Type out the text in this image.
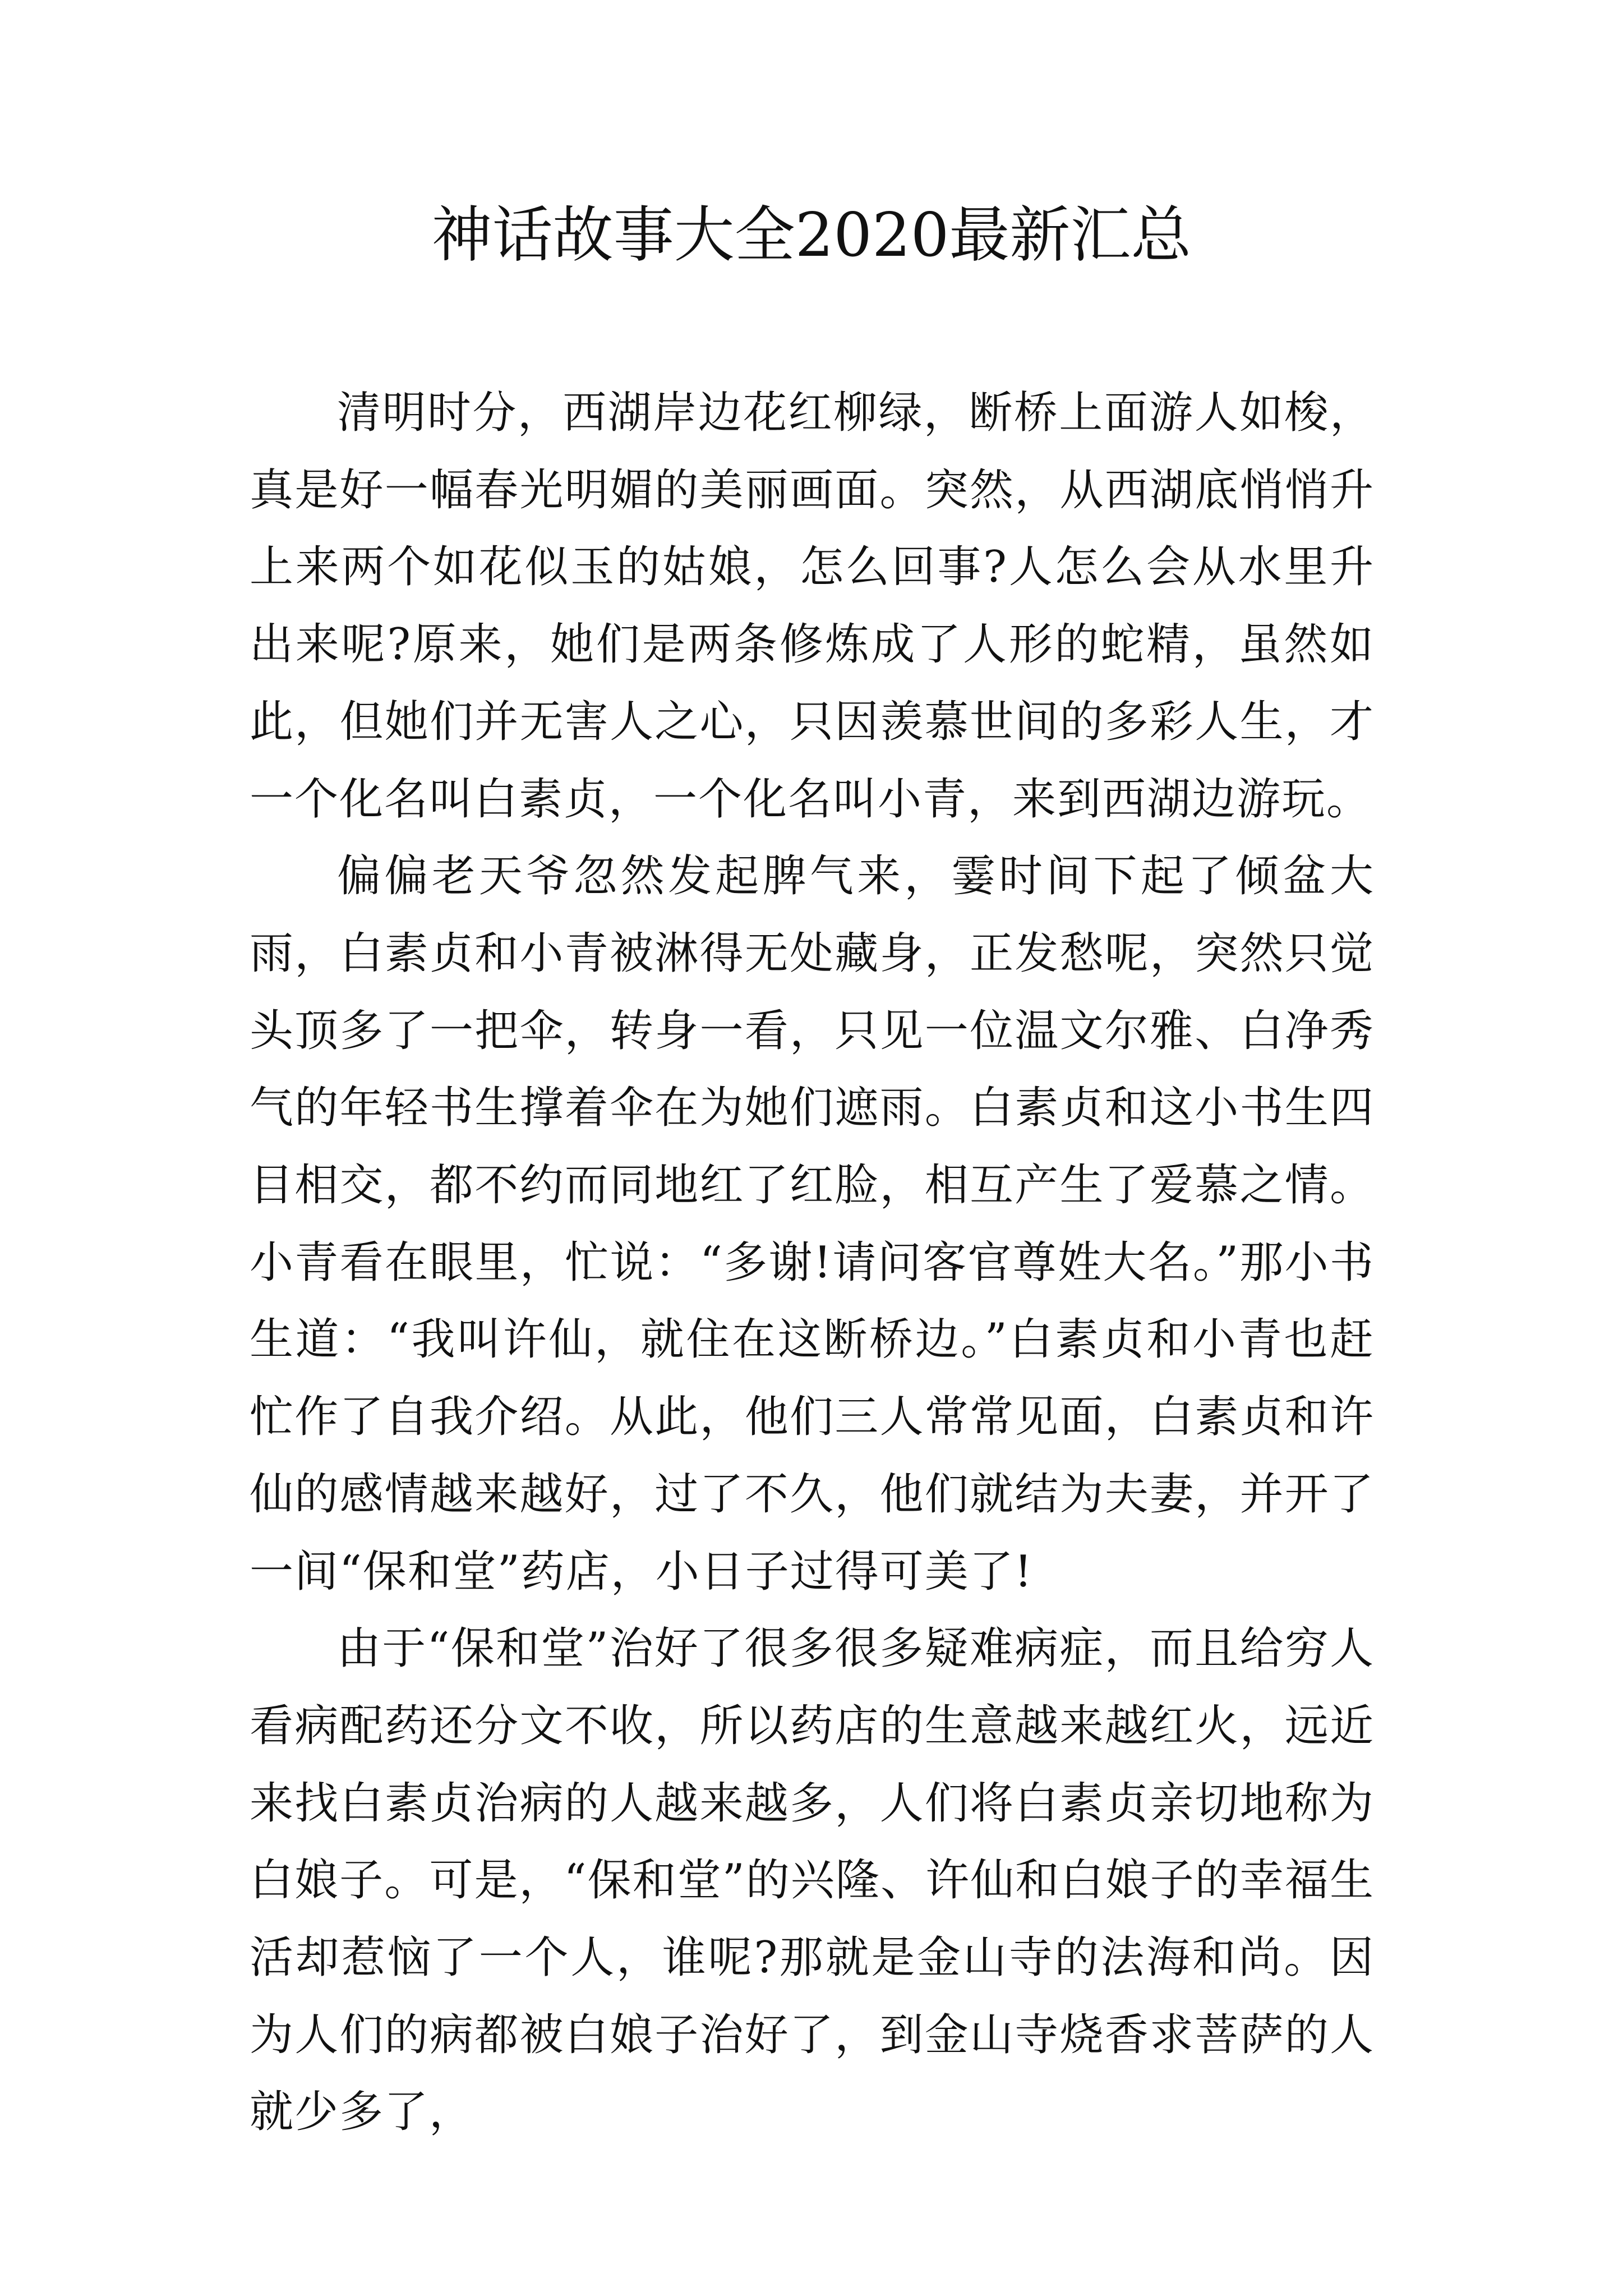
神话故事大全2020最新汇总

清明时分，西湖岸边花红柳绿，断桥上面游人如梭，真是好一幅春光明媚的美丽画面。突然，从西湖底悄悄升上来两个如花似玉的姑娘，怎么回事?人怎么会从水里升出来呢?原来，她们是两条修炼成了人形的蛇精，虽然如此，但她们并无害人之心，只因羡慕世间的多彩人生，才一个化名叫白素贞，一个化名叫小青，来到西湖边游玩。

偏偏老天爷忽然发起脾气来，霎时间下起了倾盆大雨，白素贞和小青被淋得无处藏身，正发愁呢，突然只觉头顶多了一把伞，转身一看，只见一位温文尔雅、白净秀气的年轻书生撑着伞在为她们遮雨。白素贞和这小书生四目相交，都不约而同地红了红脸，相互产生了爱慕之情。小青看在眼里，忙说：“多谢!请问客官尊姓大名。”那小书生道：“我叫许仙，就住在这断桥边。”白素贞和小青也赶忙作了自我介绍。从此，他们三人常常见面，白素贞和许仙的感情越来越好，过了不久，他们就结为夫妻，并开了一间“保和堂”药店，小日子过得可美了!

由于“保和堂”治好了很多很多疑难病症，而且给穷人看病配药还分文不收，所以药店的生意越来越红火，远近来找白素贞治病的人越来越多，人们将白素贞亲切地称为白娘子。可是，“保和堂”的兴隆、许仙和白娘子的幸福生活却惹恼了一个人，谁呢?那就是金山寺的法海和尚。因为人们的病都被白娘子治好了，到金山寺烧香求菩萨的人就少多了，
